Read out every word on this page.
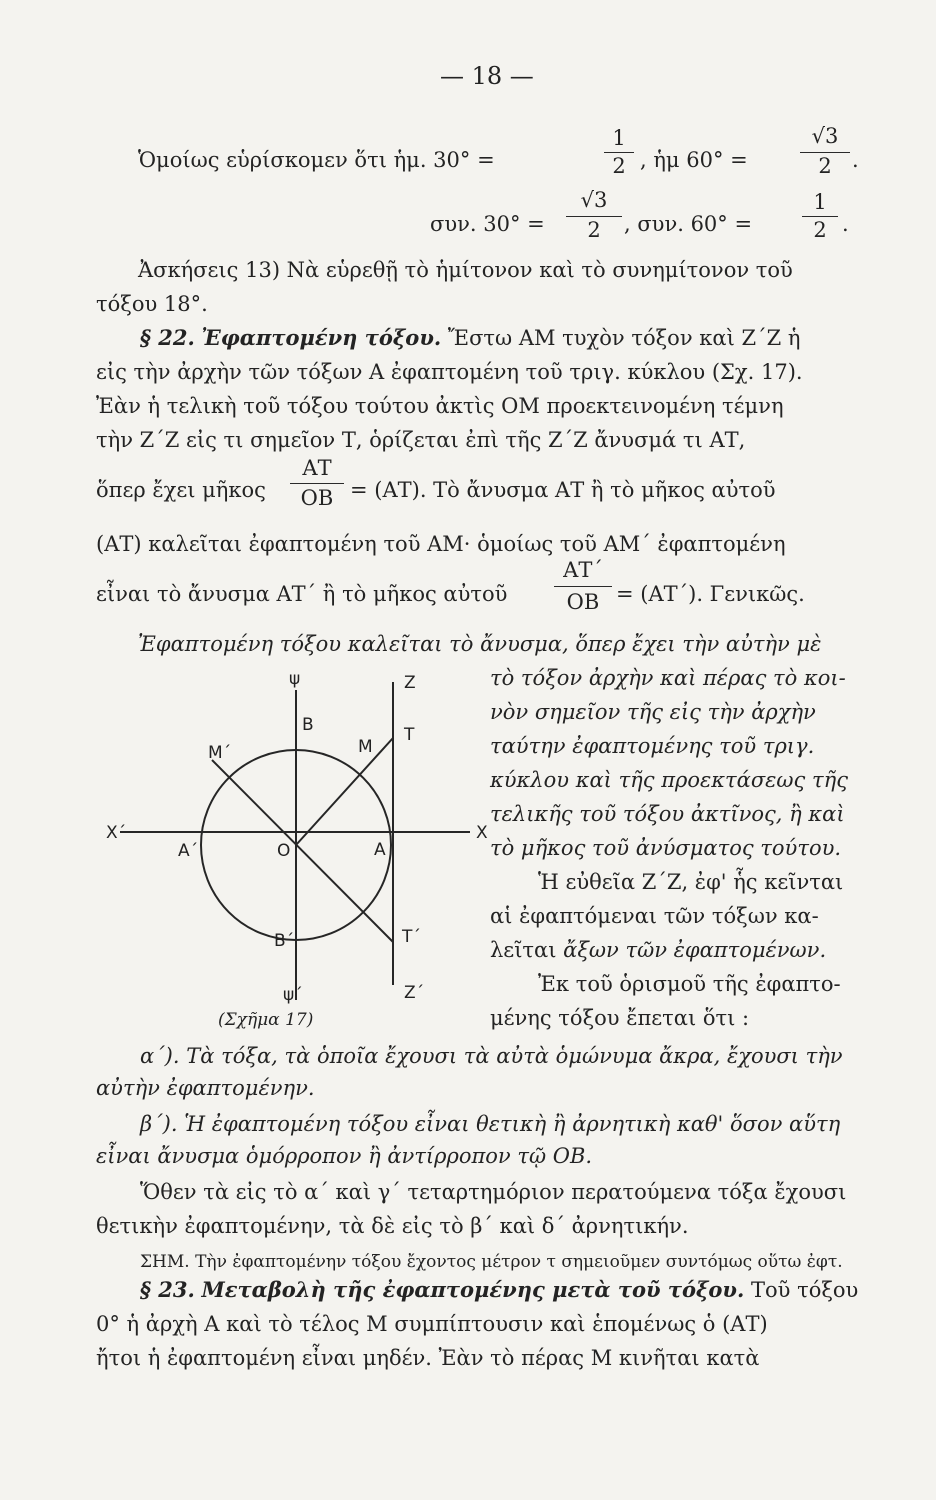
— 18 —
Ὁμοίως εὑρίσκομεν ὅτι ἡμ. 30° =
1
2 , ἡμ 60° =
√3
2 .
συν. 30° =
√3
2	, συν. 60° =
1
2 .
Ἀσκήσεις 13) Νὰ εὑρεθῇ τὸ ἡμίτονον καὶ τὸ συνημίτονον τοῦ
τόξου 18°.
§ 22. Ἐφαπτομένη τόξου. Ἔστω ΑΜ τυχὸν τόξον καὶ Ζ΄Ζ ἡ
εἰς τὴν ἀρχὴν τῶν τόξων Α ἐφαπτομένη τοῦ τριγ. κύκλου (Σχ. 17).
Ἐὰν ἡ τελικὴ τοῦ τόξου τούτου ἀκτὶς ΟΜ προεκτεινομένη τέμνη
τὴν Ζ΄Ζ εἰς τι σημεῖον Τ, ὁρίζεται ἐπὶ τῆς Ζ΄Ζ ἄνυσμά τι ΑΤ,
ὅπερ ἔχει μῆκος
ΑΤ
ΟΒ = (ΑΤ). Τὸ ἄνυσμα ΑΤ ἢ τὸ μῆκος αὐτοῦ
(ΑΤ) καλεῖται ἐφαπτομένη τοῦ ΑΜ· ὁμοίως τοῦ ΑΜ΄ ἐφαπτομένη
εἶναι τὸ ἄνυσμα ΑΤ΄ ἢ τὸ μῆκος αὐτοῦ
ΑΤ΄
ΟΒ = (ΑΤ΄). Γενικῶς.
Ἐφαπτομένη τόξου καλεῖται τὸ ἄνυσμα, ὅπερ ἔχει τὴν αὐτὴν μὲ
τὸ τόξον ἀρχὴν καὶ πέρας τὸ κοι-
νὸν σημεῖον τῆς εἰς τὴν ἀρχὴν
ταύτην ἐφαπτομένης τοῦ τριγ.
κύκλου καὶ τῆς προεκτάσεως τῆς
τελικῆς τοῦ τόξου ἀκτῖνος, ἢ καὶ
τὸ μῆκος τοῦ ἀνύσματος τούτου.
Ἡ εὐθεῖα Ζ΄Ζ, ἐφ' ἧς κεῖνται
αἱ ἐφαπτόμεναι τῶν τόξων κα-
λεῖται ἄξων τῶν ἐφαπτομένων.
Ἐκ τοῦ ὁρισμοῦ τῆς ἐφαπτο-
μένης τόξου ἔπεται ὅτι :
ψ	Z
T
B
M
M΄
O	A
A΄
X
X΄
T΄
B΄
ψ΄	Z΄
(Σχῆμα 17)
α΄). Τὰ τόξα, τὰ ὁποῖα ἔχουσι τὰ αὐτὰ ὁμώνυμα ἄκρα, ἔχουσι τὴν
αὐτὴν ἐφαπτομένην.
β΄). Ἡ ἐφαπτομένη τόξου εἶναι θετικὴ ἢ ἀρνητικὴ καθ' ὅσον αὕτη
εἶναι ἄνυσμα ὁμόρροπον ἢ ἀντίρροπον τῷ ΟΒ.
Ὅθεν τὰ εἰς τὸ α΄ καὶ γ΄ τεταρτημόριον περατούμενα τόξα ἔχουσι
θετικὴν ἐφαπτομένην, τὰ δὲ εἰς τὸ β΄ καὶ δ΄ ἀρνητικήν.
ΣΗΜ. Τὴν ἐφαπτομένην τόξου ἔχοντος μέτρον τ σημειοῦμεν συντόμως οὕτω ἐφτ.
§ 23. Μεταβολὴ τῆς ἐφαπτομένης μετὰ τοῦ τόξου. Τοῦ τόξου
0° ἡ ἀρχὴ Α καὶ τὸ τέλος Μ συμπίπτουσιν καὶ ἑπομένως ὁ (ΑΤ)
ἤτοι ἡ ἐφαπτομένη εἶναι μηδέν. Ἐὰν τὸ πέρας Μ κινῆται κατὰ
